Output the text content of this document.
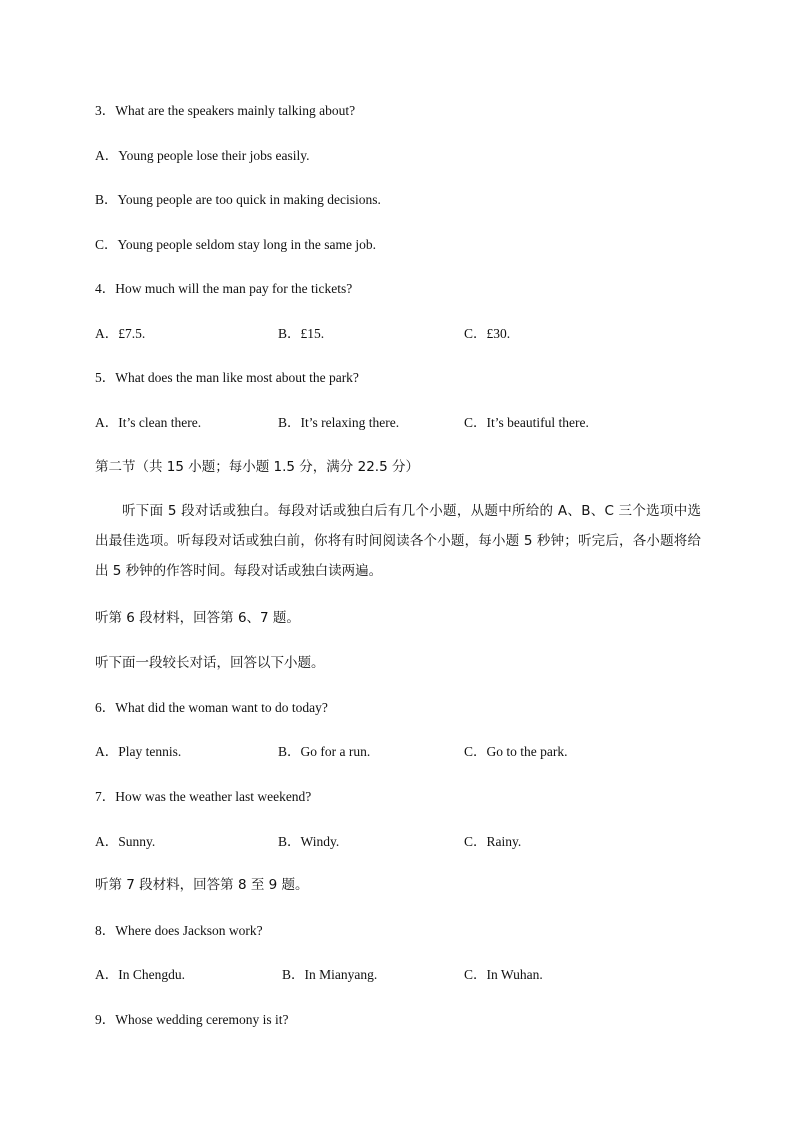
3．What are the speakers mainly talking about?
A．Young people lose their jobs easily.
B．Young people are too quick in making decisions.
C．Young people seldom stay long in the same job.
4．How much will the man pay for the tickets?
A．£7.5.	B．£15.	C．£30.
5．What does the man like most about the park?
A．It’s clean there.	B．It’s relaxing there.	C．It’s beautiful there.
第二节（共 15 小题；每小题 1.5 分，满分 22.5 分）
听下面 5 段对话或独白。每段对话或独白后有几个小题，从题中所给的 A、B、C 三个选项中选出最佳选项。听每段对话或独白前，你将有时间阅读各个小题，每小题 5 秒钟；听完后，各小题将给出 5 秒钟的作答时间。每段对话或独白读两遍。
听第 6 段材料，回答第 6、7 题。
听下面一段较长对话，回答以下小题。
6．What did the woman want to do today?
A．Play tennis.	B．Go for a run.	C．Go to the park.
7．How was the weather last weekend?
A．Sunny.	B．Windy.	C．Rainy.
听第 7 段材料，回答第 8 至 9 题。
8．Where does Jackson work?
A．In Chengdu.	B．In Mianyang.	C．In Wuhan.
9．Whose wedding ceremony is it?
